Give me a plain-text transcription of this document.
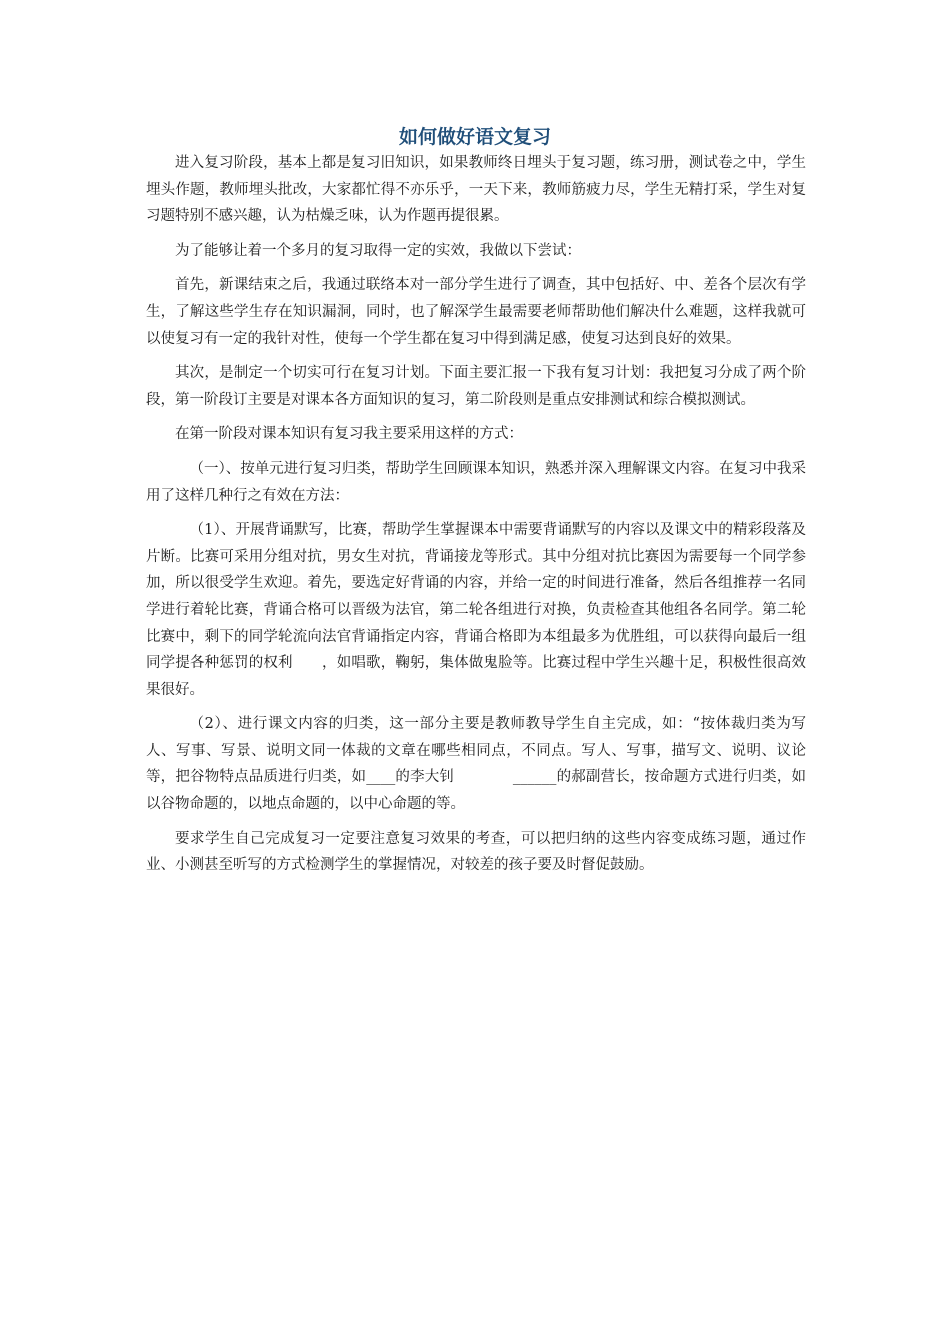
如何做好语文复习

进入复习阶段，基本上都是复习旧知识，如果教师终日埋头于复习题，练习册，测试卷之中，学生埋头作题，教师埋头批改，大家都忙得不亦乐乎，一天下来，教师筋疲力尽，学生无精打采，学生对复习题特别不感兴趣，认为枯燥乏味，认为作题再提很累。

为了能够让着一个多月的复习取得一定的实效，我做以下尝试：

首先，新课结束之后，我通过联络本对一部分学生进行了调查，其中包括好、中、差各个层次有学生，了解这些学生存在知识漏洞，同时，也了解深学生最需要老师帮助他们解决什么难题，这样我就可以使复习有一定的我针对性，使每一个学生都在复习中得到满足感，使复习达到良好的效果。

其次，是制定一个切实可行在复习计划。下面主要汇报一下我有复习计划：我把复习分成了两个阶段，第一阶段订主要是对课本各方面知识的复习，第二阶段则是重点安排测试和综合模拟测试。

在第一阶段对课本知识有复习我主要采用这样的方式：

（一）、按单元进行复习归类，帮助学生回顾课本知识，熟悉并深入理解课文内容。在复习中我采用了这样几种行之有效在方法：

（1）、开展背诵默写，比赛，帮助学生掌握课本中需要背诵默写的内容以及课文中的精彩段落及片断。比赛可采用分组对抗，男女生对抗，背诵接龙等形式。其中分组对抗比赛因为需要每一个同学参加，所以很受学生欢迎。着先，要选定好背诵的内容，并给一定的时间进行准备，然后各组推荐一名同学进行着轮比赛，背诵合格可以晋级为法官，第二轮各组进行对换，负责检查其他组各名同学。第二轮比赛中，剩下的同学轮流向法官背诵指定内容，背诵合格即为本组最多为优胜组，可以获得向最后一组同学提各种惩罚的权利　　，如唱歌，鞠躬，集体做鬼脸等。比赛过程中学生兴趣十足，积极性很高效果很好。

（2）、进行课文内容的归类，这一部分主要是教师教导学生自主完成，如：“按体裁归类为写人、写事、写景、说明文同一体裁的文章在哪些相同点，不同点。写人、写事，描写文、说明、议论等，把谷物特点品质进行归类，如____的李大钊　　　　______的郝副营长，按命题方式进行归类，如以谷物命题的，以地点命题的，以中心命题的等。

要求学生自己完成复习一定要注意复习效果的考查，可以把归纳的这些内容变成练习题，通过作业、小测甚至听写的方式检测学生的掌握情况，对较差的孩子要及时督促鼓励。
